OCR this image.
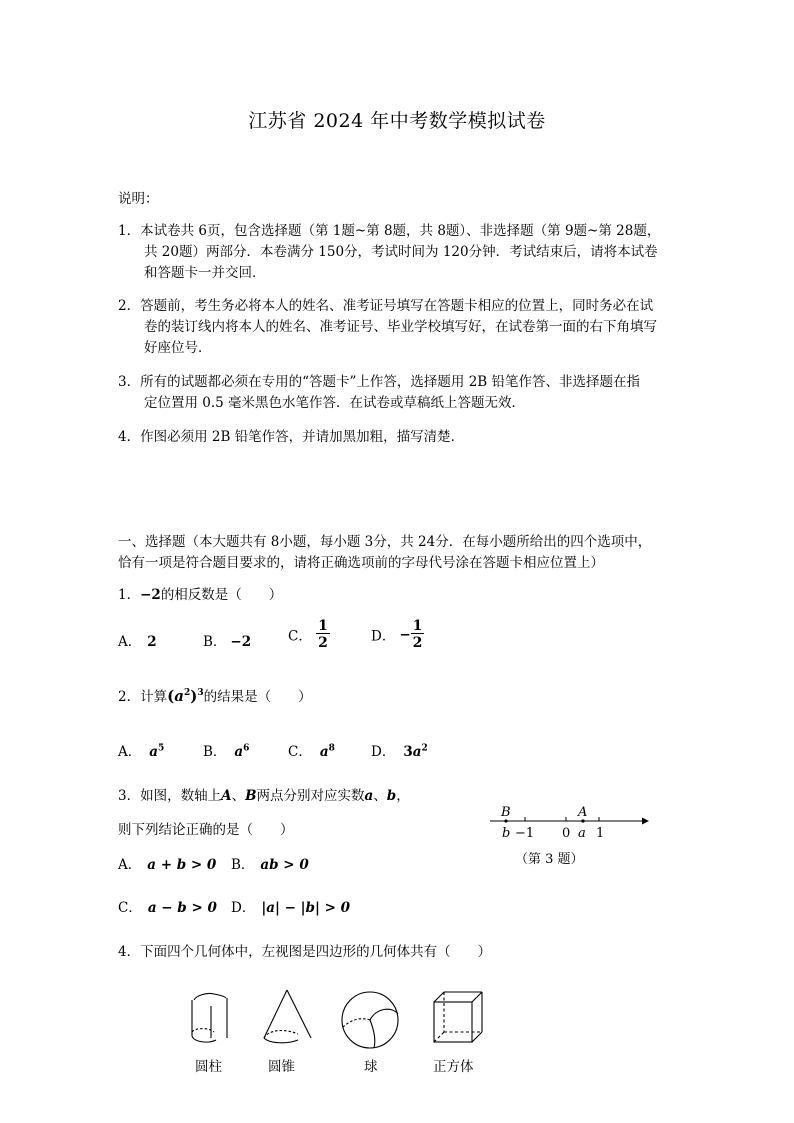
江苏省 2024 年中考数学模拟试卷
说明：
1．本试卷共 6页，包含选择题（第 1题~第 8题，共 8题）、非选择题（第 9题~第 28题，
共 20题）两部分．本卷满分 150分，考试时间为 120分钟．考试结束后，请将本试卷
和答题卡一并交回．
2．答题前，考生务必将本人的姓名、准考证号填写在答题卡相应的位置上，同时务必在试
卷的装订线内将本人的姓名、准考证号、毕业学校填写好，在试卷第一面的右下角填写
好座位号．
3．所有的试题都必须在专用的“答题卡”上作答，选择题用 2B 铅笔作答、非选择题在指
定位置用 0.5 毫米黑色水笔作答．在试卷或草稿纸上答题无效．
4．作图必须用 2B 铅笔作答，并请加黑加粗，描写清楚．
一、选择题（本大题共有 8小题，每小题 3分，共 24分．在每小题所给出的四个选项中，
恰有一项是符合题目要求的，请将正确选项前的字母代号涂在答题卡相应位置上）
1．−2的相反数是（　　）
A． 2	B． −2	C． $\frac{1}{2}$	D． − $\frac{1}{2}$
2．计算$(a^2)^3$的结果是（　　）
A． $a^5$	B． $a^6$	C． $a^8$	D． $3a^2$
3．如图，数轴上A、B两点分别对应实数a、b，
则下列结论正确的是（　　）
A． a + b > 0 B． ab > 0
C． a − b > 0 D． |a| − |b| > 0
B	A
b −1 0 a 1
（第 3 题）
4．下面四个几何体中，左视图是四边形的几何体共有（　　）
圆柱	圆锥	球	正方体
